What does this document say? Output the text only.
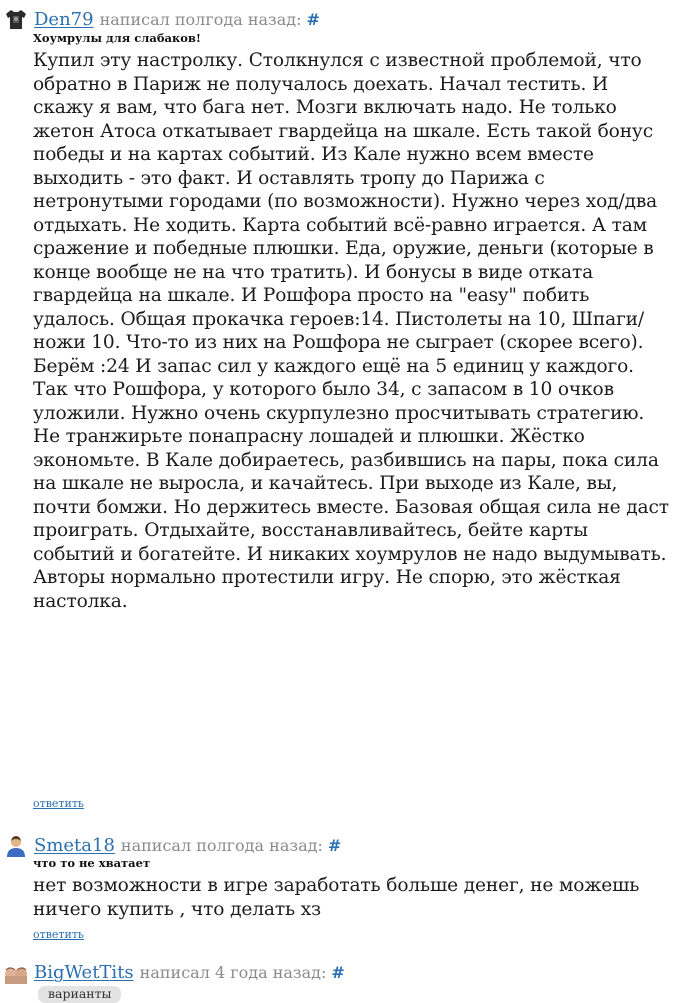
Den79 написал полгода назад: #
Хоумрулы для слабаков!

Купил эту настролку. Столкнулся с известной проблемой, что обратно в Париж не получалось доехать. Начал тестить. И скажу я вам, что бага нет. Мозги включать надо. Не только жетон Атоса откатывает гвардейца на шкале. Есть такой бонус победы и на картах событий. Из Кале нужно всем вместе выходить - это факт. И оставлять тропу до Парижа с нетронутыми городами (по возможности). Нужно через ход/два отдыхать. Не ходить. Карта событий всё-равно играется. А там сражение и победные плюшки. Еда, оружие, деньги (которые в конце вообще не на что тратить). И бонусы в виде отката гвардейца на шкале. И Рошфора просто на "easy" побить удалось. Общая прокачка героев:14. Пистолеты на 10, Шпаги/ножи 10. Что-то из них на Рошфора не сыграет (скорее всего). Берём :24 И запас сил у каждого ещё на 5 единиц у каждого. Так что Рошфора, у которого было 34, с запасом в 10 очков уложили. Нужно очень скурпулезно просчитывать стратегию. Не транжирьте понапрасну лошадей и плюшки. Жёстко экономьте. В Кале добираетесь, разбившись на пары, пока сила на шкале не выросла, и качайтесь. При выходе из Кале, вы, почти бомжи. Но держитесь вместе. Базовая общая сила не даст проиграть. Отдыхайте, восстанавливайтесь, бейте карты событий и богатейте. И никаких хоумрулов не надо выдумывать. Авторы нормально протестили игру. Не спорю, это жёсткая настолка.

ответить
Smeta18 написал полгода назад: #
что то не хватает

нет возможности в игре заработать больше денег, не можешь ничего купить , что делать хз

ответить
BigWetTits написал 4 года назад: #
варианты
